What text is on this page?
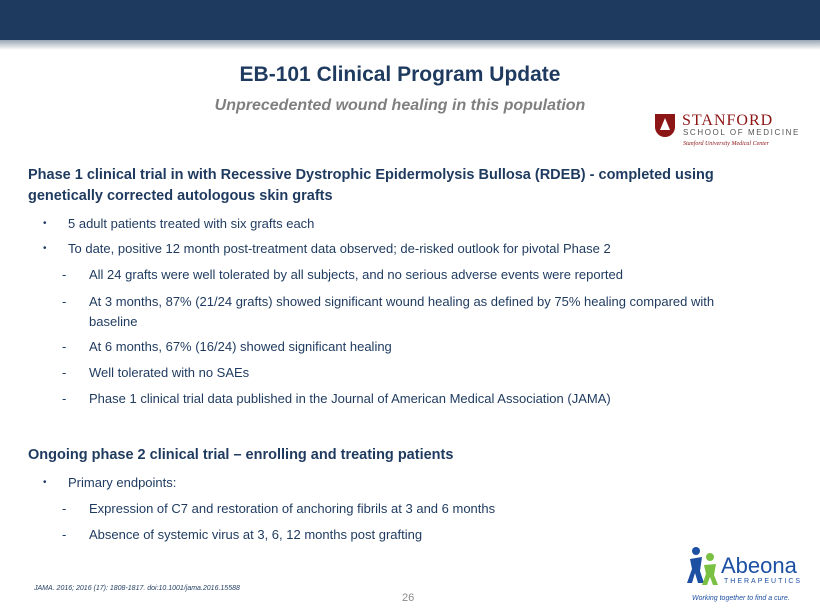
EB-101 Clinical Program Update
Unprecedented wound healing in this population
STANFORD
SCHOOL OF MEDICINE
Stanford University Medical Center
Phase 1 clinical trial in with Recessive Dystrophic Epidermolysis Bullosa (RDEB) - completed using
genetically corrected autologous skin grafts
• 5 adult patients treated with six grafts each
• To date, positive 12 month post-treatment data observed; de-risked outlook for pivotal Phase 2
- All 24 grafts were well tolerated by all subjects, and no serious adverse events were reported
- At 3 months, 87% (21/24 grafts) showed significant wound healing as defined by 75% healing compared with
baseline
- At 6 months, 67% (16/24) showed significant healing
- Well tolerated with no SAEs
- Phase 1 clinical trial data published in the Journal of American Medical Association (JAMA)
Ongoing phase 2 clinical trial – enrolling and treating patients
• Primary endpoints:
- Expression of C7 and restoration of anchoring fibrils at 3 and 6 months
- Absence of systemic virus at 3, 6, 12 months post grafting
JAMA. 2016; 2016 (17): 1808-1817. doi:10.1001/jama.2016.15588
26
Abeona
THERAPEUTICS
Working together to find a cure.
